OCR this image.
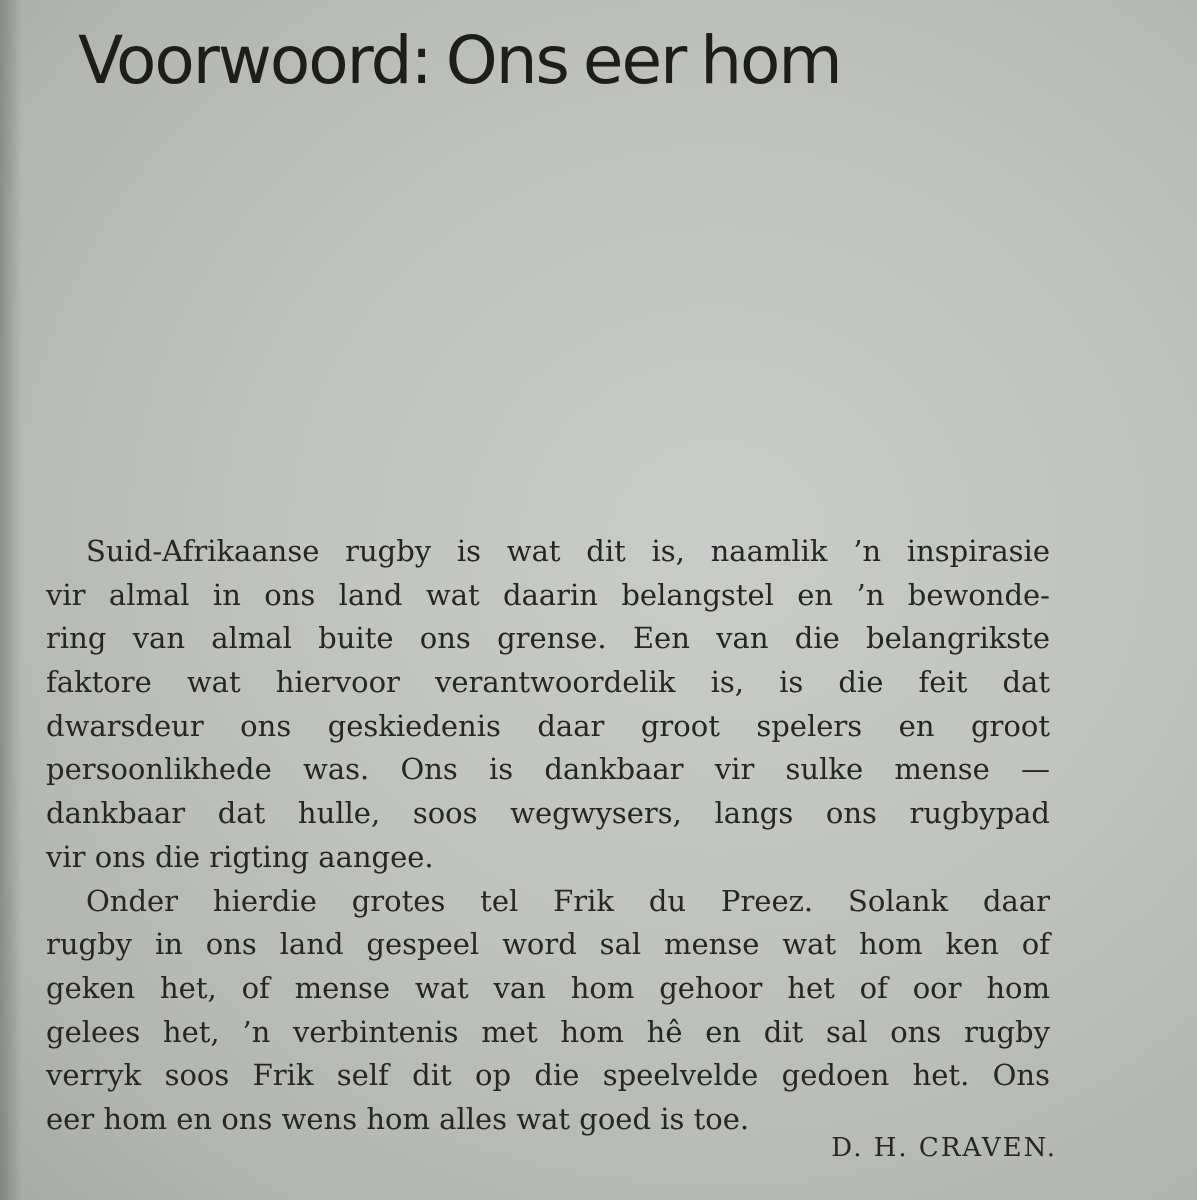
Voorwoord: Ons eer hom
Suid-Afrikaanse rugby is wat dit is, naamlik ’n inspirasie
vir almal in ons land wat daarin belangstel en ’n bewonde-
ring van almal buite ons grense. Een van die belangrikste
faktore wat hiervoor verantwoordelik is, is die feit dat
dwarsdeur ons geskiedenis daar groot spelers en groot
persoonlikhede was. Ons is dankbaar vir sulke mense —
dankbaar dat hulle, soos wegwysers, langs ons rugbypad
vir ons die rigting aangee.
Onder hierdie grotes tel Frik du Preez. Solank daar
rugby in ons land gespeel word sal mense wat hom ken of
geken het, of mense wat van hom gehoor het of oor hom
gelees het, ’n verbintenis met hom hê en dit sal ons rugby
verryk soos Frik self dit op die speelvelde gedoen het. Ons
eer hom en ons wens hom alles wat goed is toe.
D. H. CRAVEN.
